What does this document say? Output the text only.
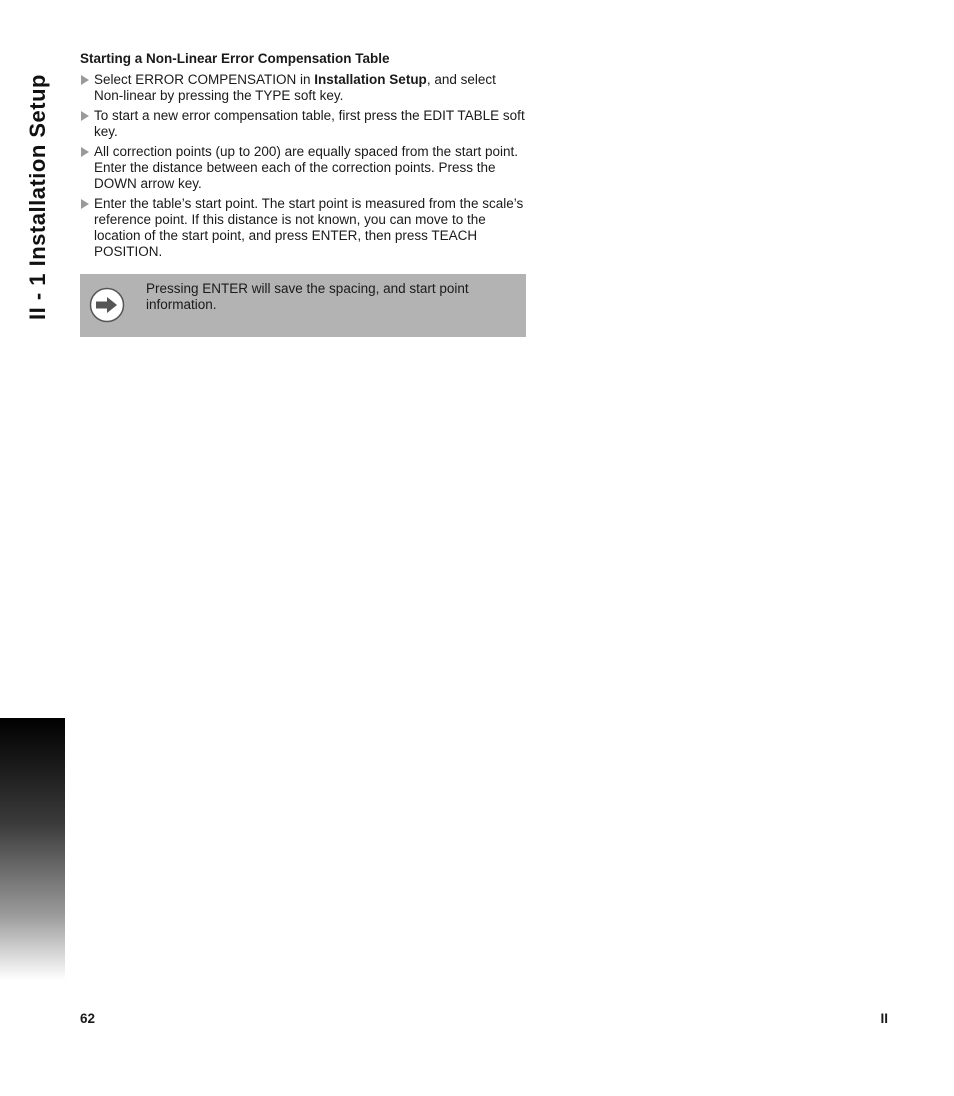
II - 1 Installation Setup
Starting a Non-Linear Error Compensation Table
Select ERROR COMPENSATION in Installation Setup, and select Non-linear by pressing the TYPE soft key.
To start a new error compensation table, first press the EDIT TABLE soft key.
All correction points (up to 200) are equally spaced from the start point. Enter the distance between each of the correction points. Press the DOWN arrow key.
Enter the table’s start point. The start point is measured from the scale’s reference point. If this distance is not known, you can move to the location of the start point, and press ENTER, then press TEACH POSITION.
Pressing ENTER will save the spacing, and start point information.
62	II
